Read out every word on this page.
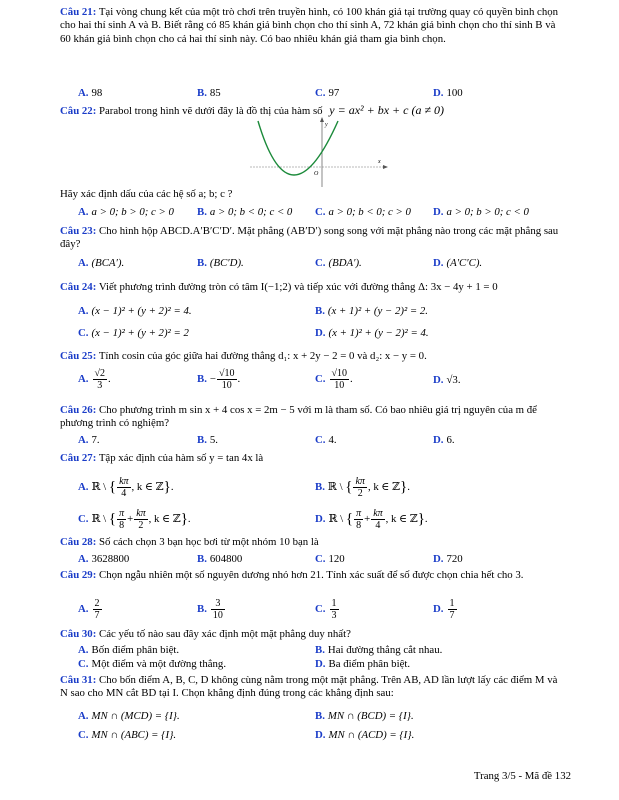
Câu 21: Tại vòng chung kết của một trò chơi trên truyền hình, có 100 khán giả tại trường quay có quyền bình chọn cho hai thí sinh A và B. Biết rằng có 85 khán giả bình chọn cho thí sinh A, 72 khán giả bình chọn cho thí sinh B và 60 khán giả bình chọn cho cả hai thí sinh này. Có bao nhiêu khán giả tham gia bình chọn.
A. 98	B. 85	C. 97	D. 100
Câu 22: Parabol trong hình vẽ dưới đây là đồ thị của hàm số y = ax² + bx + c (a ≠ 0)
y
x
O
Hãy xác định dấu của các hệ số a; b; c ?
A. a > 0; b > 0; c > 0 B. a > 0; b < 0; c < 0 C. a > 0; b < 0; c > 0 D. a > 0; b > 0; c < 0
Câu 23: Cho hình hộp ABCD.A′B′C′D′. Mặt phẳng (AB′D′) song song với mặt phẳng nào trong các mặt phẳng sau đây?
A. (BCA′).	B. (BC′D).	C. (BDA′).	D. (A′C′C).
Câu 24: Viết phương trình đường tròn có tâm I(−1;2) và tiếp xúc với đường thẳng Δ: 3x − 4y + 1 = 0
A. (x − 1)² + (y + 2)² = 4.	B. (x + 1)² + (y − 2)² = 2.
C. (x − 1)² + (y + 2)² = 2	D. (x + 1)² + (y − 2)² = 4.
Câu 25: Tính cosin của góc giữa hai đường thẳng d₁: x + 2y − 2 = 0 và d₂: x − y = 0.
A. $\frac{√2}{3}$ .	B. − $\frac{√10}{10}$ .	C. $\frac{√10}{10}$ .	D. √3.
Câu 26: Cho phương trình m sin x + 4 cos x = 2m − 5 với m là tham số. Có bao nhiêu giá trị nguyên của m để phương trình có nghiệm?
A. 7.	B. 5.	C. 4.	D. 6.
Câu 27: Tập xác định của hàm số y = tan 4x là
A. ℝ \ { $\frac{k\pi}{4}$ , k ∈ ℤ}.	B. ℝ \ { $\frac{k\pi}{2}$ , k ∈ ℤ}.
C. ℝ \ { $\frac{\pi}{8} + \frac{k\pi}{2}$ , k ∈ ℤ}.	D. ℝ \ { $\frac{\pi}{8} + \frac{k\pi}{4}$ , k ∈ ℤ}.
Câu 28: Số cách chọn 3 bạn học bơi từ một nhóm 10 bạn là
A. 3628800	B. 604800	C. 120	D. 720
Câu 29: Chọn ngẫu nhiên một số nguyên dương nhỏ hơn 21. Tính xác suất để số được chọn chia hết cho 3.
A. $\frac{2}{7}$	B. $\frac{3}{10}$	C. $\frac{1}{3}$	D. $\frac{1}{7}$
Câu 30: Các yếu tố nào sau đây xác định một mặt phẳng duy nhất?
A. Bốn điểm phân biệt.	B. Hai đường thẳng cắt nhau.
C. Một điểm và một đường thẳng.	D. Ba điểm phân biệt.
Câu 31: Cho bốn điểm A, B, C, D không cùng nằm trong một mặt phẳng. Trên AB, AD lần lượt lấy các điểm M và N sao cho MN cắt BD tại I. Chọn khẳng định đúng trong các khẳng định sau:
A. MN ∩ (MCD) = {I}.	B. MN ∩ (BCD) = {I}.
C. MN ∩ (ABC) = {I}.	D. MN ∩ (ACD) = {I}.
Trang 3/5 - Mã đề 132
